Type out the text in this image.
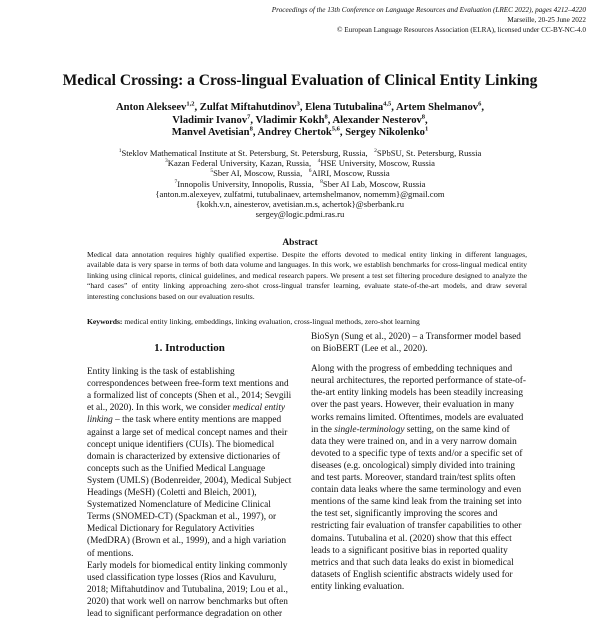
Proceedings of the 13th Conference on Language Resources and Evaluation (LREC 2022), pages 4212–4220
Marseille, 20-25 June 2022
© European Language Resources Association (ELRA), licensed under CC-BY-NC-4.0
Medical Crossing: a Cross-lingual Evaluation of Clinical Entity Linking
Anton Alekseev$^{1,2}$, Zulfat Miftahutdinov$^3$, Elena Tutubalina$^{4,5}$, Artem Shelmanov$^6$,
Vladimir Ivanov$^7$, Vladimir Kokh$^8$, Alexander Nesterov$^8$,
Manvel Avetisian$^8$, Andrey Chertok$^{5,6}$, Sergey Nikolenko$^1$
$^1$Steklov Mathematical Institute at St. Petersburg, St. Petersburg, Russia,   $^2$SPbSU, St. Petersburg, Russia
$^3$Kazan Federal University, Kazan, Russia,   $^4$HSE University, Moscow, Russia
$^5$Sber AI, Moscow, Russia,   $^6$AIRI, Moscow, Russia
$^7$Innopolis University, Innopolis, Russia,   $^8$Sber AI Lab, Moscow, Russia
{anton.m.alexeyev, zulfatmi, tutubalinaev, artemshelmanov, nomemm}@gmail.com
{kokh.v.n, ainesterov, avetisian.m.s, achertok}@sberbank.ru
sergey@logic.pdmi.ras.ru
Abstract
Medical data annotation requires highly qualified expertise. Despite the efforts devoted to medical entity linking in different languages, available data is very sparse in terms of both data volume and languages. In this work, we establish benchmarks for cross-lingual medical entity linking using clinical reports, clinical guidelines, and medical research papers. We present a test set filtering procedure designed to analyze the “hard cases” of entity linking approaching zero-shot cross-lingual transfer learning, evaluate state-of-the-art models, and draw several interesting conclusions based on our evaluation results.
Keywords: medical entity linking, embeddings, linking evaluation, cross-lingual methods, zero-shot learning
1. Introduction

Entity linking is the task of establishing correspondences between free-form text mentions and a formalized list of concepts (Shen et al., 2014; Sevgili et al., 2020). In this work, we consider medical entity linking – the task where entity mentions are mapped against a large set of medical concept names and their concept unique identifiers (CUIs). The biomedical domain is characterized by extensive dictionaries of concepts such as the Unified Medical Language System (UMLS) (Bodenreider, 2004), Medical Subject Headings (MeSH) (Coletti and Bleich, 2001), Systematized Nomenclature of Medicine Clinical Terms (SNOMED-CT) (Spackman et al., 1997), or Medical Dictionary for Regulatory Activities (MedDRA) (Brown et al., 1999), and a high variation of mentions.

Early models for biomedical entity linking commonly used classification type losses (Rios and Kavuluru, 2018; Miftahutdinov and Tutubalina, 2019; Lou et al., 2020) that work well on narrow benchmarks but often lead to significant performance degradation on other

BioSyn (Sung et al., 2020) – a Transformer model based on BioBERT (Lee et al., 2020).

Along with the progress of embedding techniques and neural architectures, the reported performance of state-of-the-art entity linking models has been steadily increasing over the past years. However, their evaluation in many works remains limited. Oftentimes, models are evaluated in the single-terminology setting, on the same kind of data they were trained on, and in a very narrow domain devoted to a specific type of texts and/or a specific set of diseases (e.g. oncological) simply divided into training and test parts. Moreover, standard train/test splits often contain data leaks where the same terminology and even mentions of the same kind leak from the training set into the test set, significantly improving the scores and restricting fair evaluation of transfer capabilities to other domains. Tutubalina et al. (2020) show that this effect leads to a significant positive bias in reported quality metrics and that such data leaks do exist in biomedical datasets of English scientific abstracts widely used for entity linking evaluation.
